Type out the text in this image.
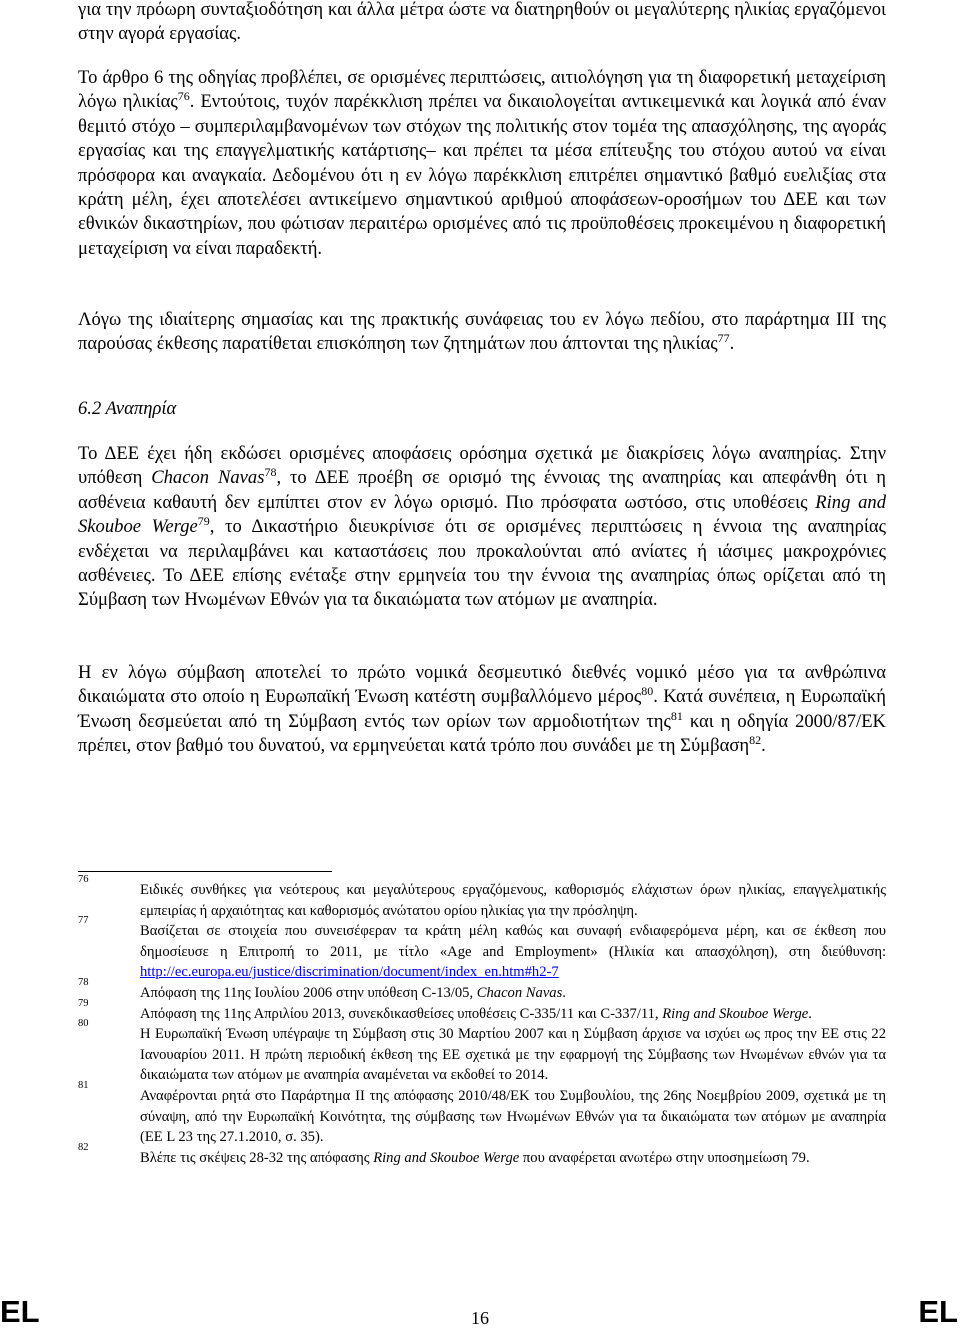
για την πρόωρη συνταξιοδότηση και άλλα μέτρα ώστε να διατηρηθούν οι μεγαλύτερης ηλικίας εργαζόμενοι στην αγορά εργασίας.

Το άρθρο 6 της οδηγίας προβλέπει, σε ορισμένες περιπτώσεις, αιτιολόγηση για τη διαφορετική μεταχείριση λόγω ηλικίας$^{76}$. Εντούτοις, τυχόν παρέκκλιση πρέπει να δικαιολογείται αντικειμενικά και λογικά από έναν θεμιτό στόχο – συμπεριλαμβανομένων των στόχων της πολιτικής στον τομέα της απασχόλησης, της αγοράς εργασίας και της επαγγελματικής κατάρτισης– και πρέπει τα μέσα επίτευξης του στόχου αυτού να είναι πρόσφορα και αναγκαία. Δεδομένου ότι η εν λόγω παρέκκλιση επιτρέπει σημαντικό βαθμό ευελιξίας στα κράτη μέλη, έχει αποτελέσει αντικείμενο σημαντικού αριθμού αποφάσεων-οροσήμων του ΔΕΕ και των εθνικών δικαστηρίων, που φώτισαν περαιτέρω ορισμένες από τις προϋποθέσεις προκειμένου η διαφορετική μεταχείριση να είναι παραδεκτή.

Λόγω της ιδιαίτερης σημασίας και της πρακτικής συνάφειας του εν λόγω πεδίου, στο παράρτημα ΙΙΙ της παρούσας έκθεσης παρατίθεται επισκόπηση των ζητημάτων που άπτονται της ηλικίας$^{77}$.

6.2 Αναπηρία

Το ΔΕΕ έχει ήδη εκδώσει ορισμένες αποφάσεις ορόσημα σχετικά με διακρίσεις λόγω αναπηρίας. Στην υπόθεση Chacon Navas$^{78}$, το ΔΕΕ προέβη σε ορισμό της έννοιας της αναπηρίας και απεφάνθη ότι η ασθένεια καθαυτή δεν εμπίπτει στον εν λόγω ορισμό. Πιο πρόσφατα ωστόσο, στις υποθέσεις Ring and Skouboe Werge$^{79}$, το Δικαστήριο διευκρίνισε ότι σε ορισμένες περιπτώσεις η έννοια της αναπηρίας ενδέχεται να περιλαμβάνει και καταστάσεις που προκαλούνται από ανίατες ή ιάσιμες μακροχρόνιες ασθένειες. Το ΔΕΕ επίσης ενέταξε στην ερμηνεία του την έννοια της αναπηρίας όπως ορίζεται από τη Σύμβαση των Ηνωμένων Εθνών για τα δικαιώματα των ατόμων με αναπηρία.

Η εν λόγω σύμβαση αποτελεί το πρώτο νομικά δεσμευτικό διεθνές νομικό μέσο για τα ανθρώπινα δικαιώματα στο οποίο η Ευρωπαϊκή Ένωση κατέστη συμβαλλόμενο μέρος$^{80}$. Κατά συνέπεια, η Ευρωπαϊκή Ένωση δεσμεύεται από τη Σύμβαση εντός των ορίων των αρμοδιοτήτων της$^{81}$ και η οδηγία 2000/87/ΕΚ πρέπει, στον βαθμό του δυνατού, να ερμηνεύεται κατά τρόπο που συνάδει με τη Σύμβαση$^{82}$.

76
Ειδικές συνθήκες για νεότερους και μεγαλύτερους εργαζόμενους, καθορισμός ελάχιστων όρων ηλικίας, επαγγελματικής εμπειρίας ή αρχαιότητας και καθορισμός ανώτατου ορίου ηλικίας για την πρόσληψη.

77
Βασίζεται σε στοιχεία που συνεισέφεραν τα κράτη μέλη καθώς και συναφή ενδιαφερόμενα μέρη, και σε έκθεση που δημοσίευσε η Επιτροπή το 2011, με τίτλο «Age and Employment» (Ηλικία και απασχόληση), στη διεύθυνση: http://ec.europa.eu/justice/discrimination/document/index_en.htm#h2-7

78
Απόφαση της 11ης Ιουλίου 2006 στην υπόθεση C-13/05, Chacon Navas.

79
Απόφαση της 11ης Απριλίου 2013, συνεκδικασθείσες υποθέσεις C-335/11 και C-337/11, Ring and Skouboe Werge.

80
Η Ευρωπαϊκή Ένωση υπέγραψε τη Σύμβαση στις 30 Μαρτίου 2007 και η Σύμβαση άρχισε να ισχύει ως προς την ΕΕ στις 22 Ιανουαρίου 2011. Η πρώτη περιοδική έκθεση της ΕΕ σχετικά με την εφαρμογή της Σύμβασης των Ηνωμένων εθνών για τα δικαιώματα των ατόμων με αναπηρία αναμένεται να εκδοθεί το 2014.

81
Αναφέρονται ρητά στο Παράρτημα ΙΙ της απόφασης 2010/48/ΕΚ του Συμβουλίου, της 26ης Νοεμβρίου 2009, σχετικά με τη σύναψη, από την Ευρωπαϊκή Κοινότητα, της σύμβασης των Ηνωμένων Εθνών για τα δικαιώματα των ατόμων με αναπηρία (ΕΕ L 23 της 27.1.2010, σ. 35).

82
Βλέπε τις σκέψεις 28-32 της απόφασης Ring and Skouboe Werge που αναφέρεται ανωτέρω στην υποσημείωση 79.

EL	16	EL
